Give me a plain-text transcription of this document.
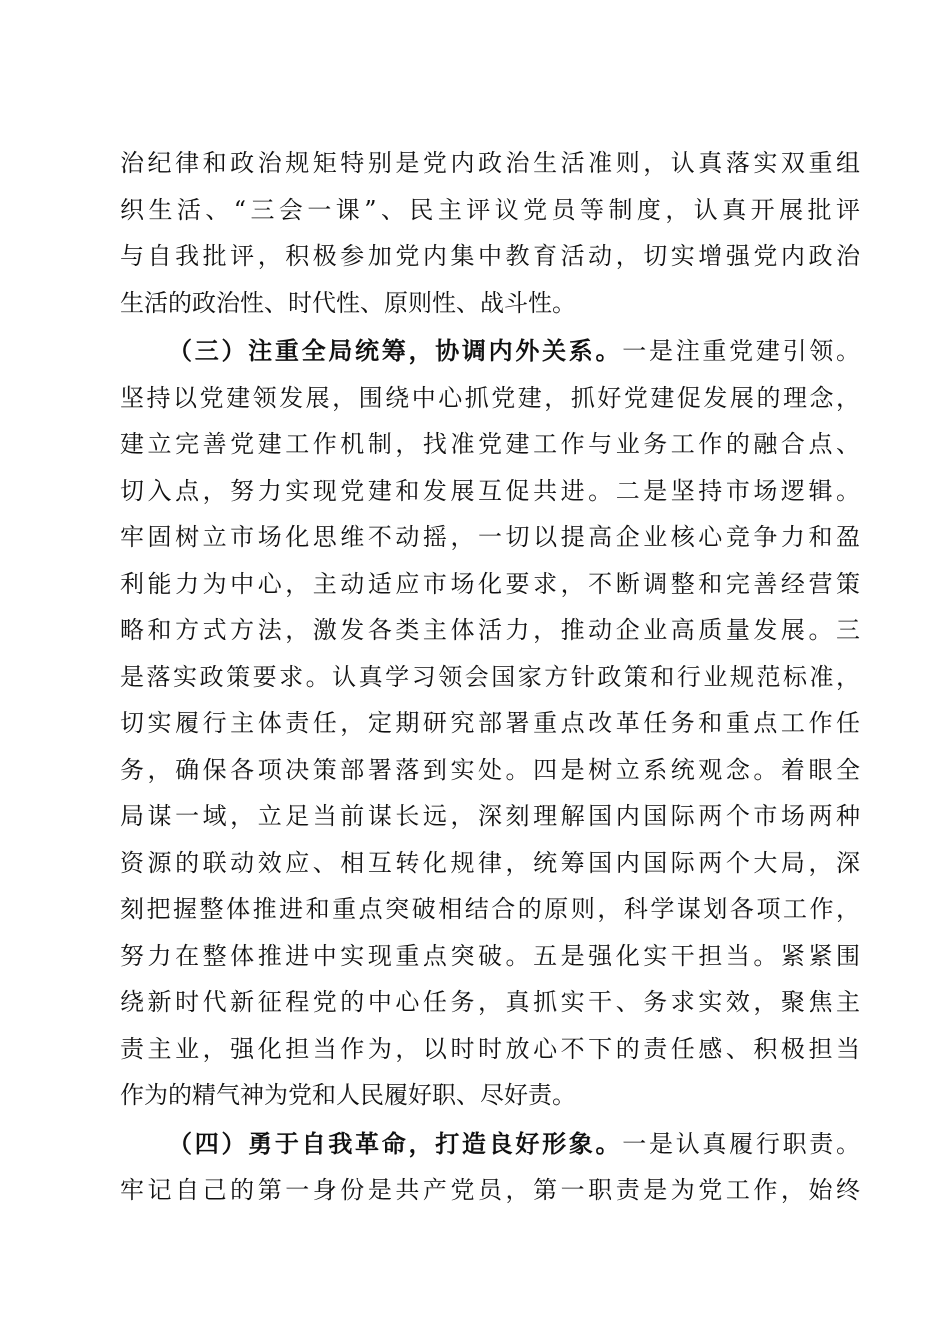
治纪律和政治规矩特别是党内政治生活准则，认真落实双重组
织生活、“三会一课”、民主评议党员等制度，认真开展批评
与自我批评，积极参加党内集中教育活动，切实增强党内政治
生活的政治性、时代性、原则性、战斗性。
（三）注重全局统筹，协调内外关系。一是注重党建引领。
坚持以党建领发展，围绕中心抓党建，抓好党建促发展的理念，
建立完善党建工作机制，找准党建工作与业务工作的融合点、
切入点，努力实现党建和发展互促共进。二是坚持市场逻辑。
牢固树立市场化思维不动摇，一切以提高企业核心竞争力和盈
利能力为中心，主动适应市场化要求，不断调整和完善经营策
略和方式方法，激发各类主体活力，推动企业高质量发展。三
是落实政策要求。认真学习领会国家方针政策和行业规范标准，
切实履行主体责任，定期研究部署重点改革任务和重点工作任
务，确保各项决策部署落到实处。四是树立系统观念。着眼全
局谋一域，立足当前谋长远，深刻理解国内国际两个市场两种
资源的联动效应、相互转化规律，统筹国内国际两个大局，深
刻把握整体推进和重点突破相结合的原则，科学谋划各项工作，
努力在整体推进中实现重点突破。五是强化实干担当。紧紧围
绕新时代新征程党的中心任务，真抓实干、务求实效，聚焦主
责主业，强化担当作为，以时时放心不下的责任感、积极担当
作为的精气神为党和人民履好职、尽好责。
（四）勇于自我革命，打造良好形象。一是认真履行职责。
牢记自己的第一身份是共产党员，第一职责是为党工作，始终
